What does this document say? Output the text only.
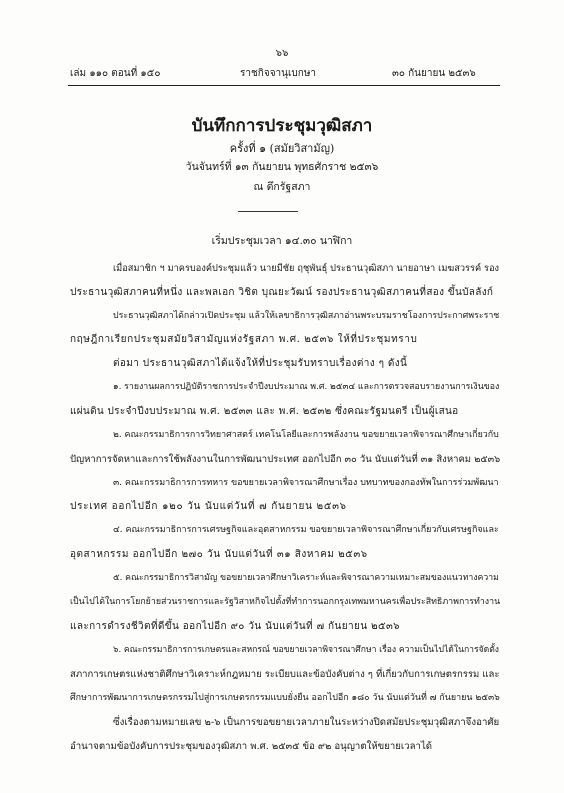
๖๖
เล่ม ๑๑๐ ตอนที่ ๑๕๐	ราชกิจจานุเบกษา	๓๐ กันยายน ๒๕๓๖
บันทึกการประชุมวุฒิสภา
ครั้งที่ ๑ (สมัยวิสามัญ)
วันจันทร์ที่ ๑๓ กันยายน พุทธศักราช ๒๕๓๖
ณ ตึกรัฐสภา
เริ่มประชุมเวลา ๑๔.๓๐ นาฬิกา
เมื่อสมาชิก ฯ มาครบองค์ประชุมแล้ว นายมีชัย ฤชุพันธุ์ ประธานวุฒิสภา นายอาษา เมฆสวรรค์ รอง
ประธานวุฒิสภาคนที่หนึ่ง และพลเอก วิชิต บุณยะวัฒน์ รองประธานวุฒิสภาคนที่สอง ขึ้นบัลลังก์
ประธานวุฒิสภาได้กล่าวเปิดประชุม แล้วให้เลขาธิการวุฒิสภาอ่านพระบรมราชโองการประกาศพระราช
กฤษฎีกาเรียกประชุมสมัยวิสามัญแห่งรัฐสภา พ.ศ. ๒๕๓๖ ให้ที่ประชุมทราบ
ต่อมา ประธานวุฒิสภาได้แจ้งให้ที่ประชุมรับทราบเรื่องต่าง ๆ ดังนี้
๑. รายงานผลการปฏิบัติราชการประจำปีงบประมาณ พ.ศ. ๒๕๓๔ และการตรวจสอบรายงานการเงินของ
แผ่นดิน ประจำปีงบประมาณ พ.ศ. ๒๕๓๓ และ พ.ศ. ๒๕๓๒ ซึ่งคณะรัฐมนตรี เป็นผู้เสนอ
๒. คณะกรรมาธิการการวิทยาศาสตร์ เทคโนโลยีและการพลังงาน ขอขยายเวลาพิจารณาศึกษาเกี่ยวกับ
ปัญหาการจัดหาและการใช้พลังงานในการพัฒนาประเทศ ออกไปอีก ๓๐ วัน นับแต่วันที่ ๓๑ สิงหาคม ๒๕๓๖
๓. คณะกรรมาธิการการทหาร ขอขยายเวลาพิจารณาศึกษาเรื่อง บทบาทของกองทัพในการร่วมพัฒนา
ประเทศ ออกไปอีก ๑๒๐ วัน นับแต่วันที่ ๗ กันยายน ๒๕๓๖
๔. คณะกรรมาธิการการเศรษฐกิจและอุตสาหกรรม ขอขยายเวลาพิจารณาศึกษาเกี่ยวกับเศรษฐกิจและ
อุตสาหกรรม ออกไปอีก ๒๗๐ วัน นับแต่วันที่ ๓๑ สิงหาคม ๒๕๓๖
๕. คณะกรรมาธิการวิสามัญ ขอขยายเวลาศึกษาวิเคราะห์และพิจารณาความเหมาะสมของแนวทางความ
เป็นไปได้ในการโยกย้ายส่วนราชการและรัฐวิสาหกิจไปตั้งที่ทำการนอกกรุงเทพมหานครเพื่อประสิทธิภาพการทำงาน
และการดำรงชีวิตที่ดีขึ้น ออกไปอีก ๙๐ วัน นับแต่วันที่ ๗ กันยายน ๒๕๓๖
๖. คณะกรรมาธิการการเกษตรและสหกรณ์ ขอขยายเวลาพิจารณาศึกษา เรื่อง ความเป็นไปได้ในการจัดตั้ง
สภาการเกษตรแห่งชาติศึกษาวิเคราะห์กฎหมาย ระเบียบและข้อบังคับต่าง ๆ ที่เกี่ยวกับการเกษตรกรรม และ
ศึกษาการพัฒนาการเกษตรกรรมไปสู่การเกษตรกรรมแบบยั่งยืน ออกไปอีก ๑๘๐ วัน นับแต่วันที่ ๗ กันยายน ๒๕๓๖
ซึ่งเรื่องตามหมายเลข ๒-๖ เป็นการขอขยายเวลาภายในระหว่างปิดสมัยประชุมวุฒิสภาจึงอาศัย
อำนาจตามข้อบังคับการประชุมของวุฒิสภา พ.ศ. ๒๕๓๕ ข้อ ๙๒ อนุญาตให้ขยายเวลาได้
